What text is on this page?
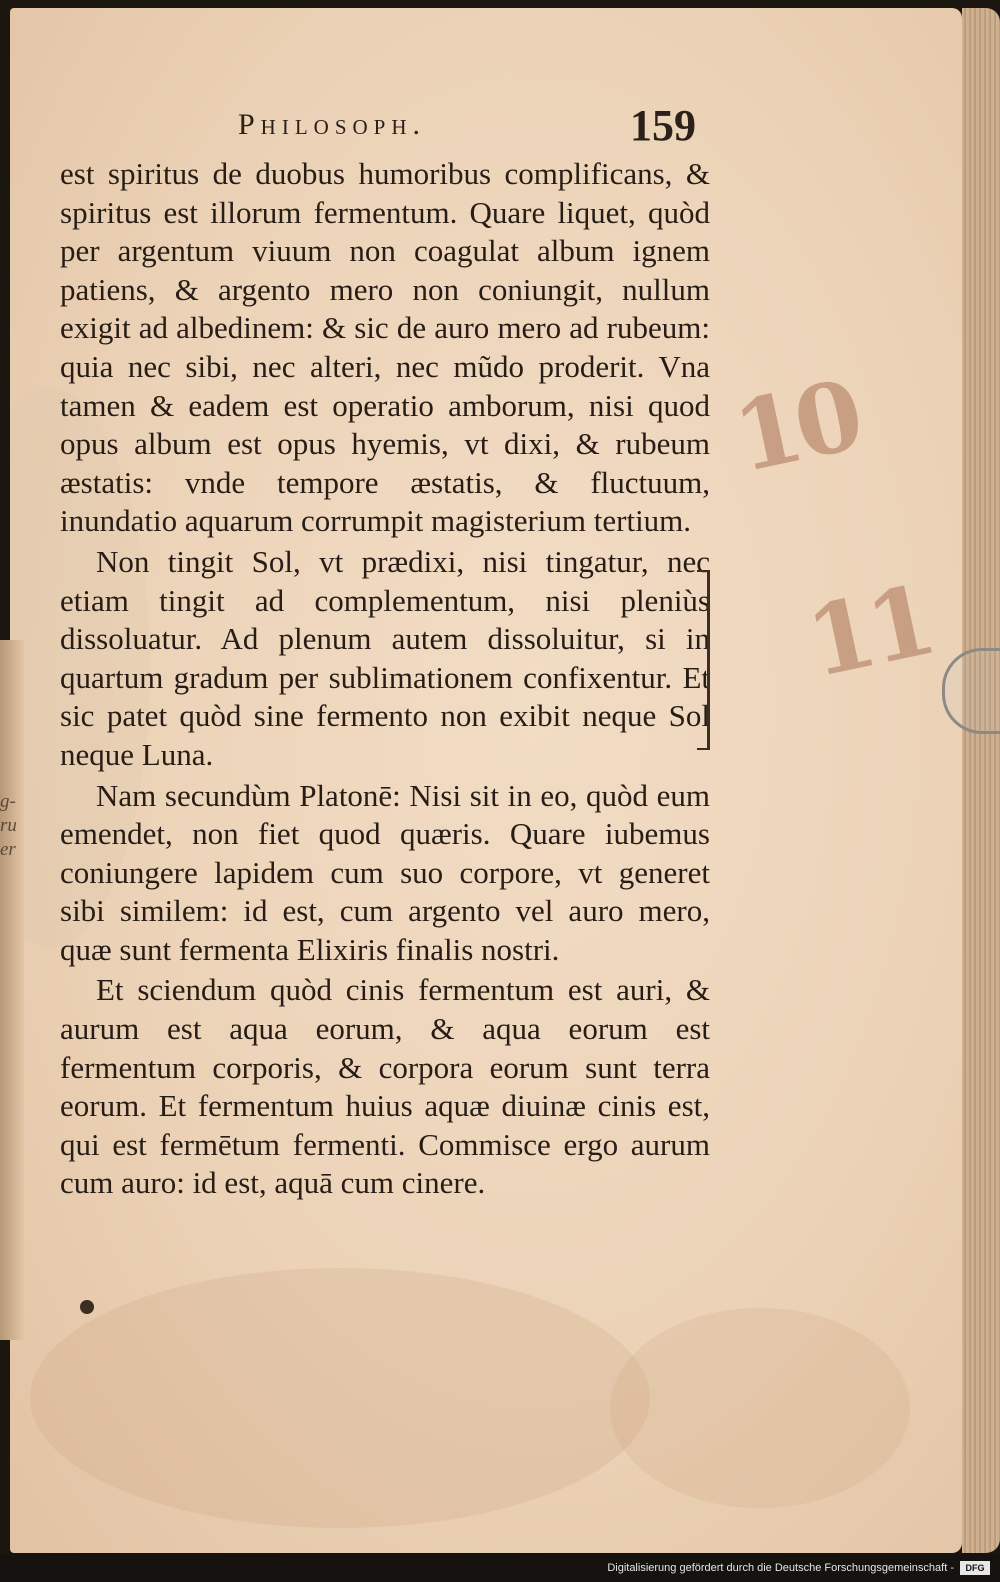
g-
ru
er
Philosoph.	159

est spiritus de duobus humoribus complificans, & spiritus est illorum fermentum. Quare liquet, quòd per argentum viuum non coagulat album ignem patiens, & argento mero non coniungit, nullum exigit ad albedinem: & sic de auro mero ad rubeum: quia nec sibi, nec alteri, nec mũdo proderit. Vna tamen & eadem est operatio amborum, nisi quod opus album est opus hyemis, vt dixi, & rubeum æstatis: vnde tempore æstatis, & fluctuum, inundatio aquarum corrumpit magisterium tertium.

Non tingit Sol, vt prædixi, nisi tingatur, nec etiam tingit ad complementum, nisi pleniùs dissoluatur. Ad plenum autem dissoluitur, si in quartum gradum per sublimationem confixentur. Et sic patet quòd sine fermento non exibit neque Sol neque Luna.

Nam secundùm Platonē: Nisi sit in eo, quòd eum emendet, non fiet quod quæris. Quare iubemus coniungere lapidem cum suo corpore, vt generet sibi similem: id est, cum argento vel auro mero, quæ sunt fermenta Elixiris finalis nostri.

Et sciendum quòd cinis fermentum est auri, & aurum est aqua eorum, & aqua eorum est fermentum corporis, & corpora eorum sunt terra eorum. Et fermentum huius aquæ diuinæ cinis est, qui est fermētum fermenti. Commisce ergo aurum cum auro: id est, aquā cum cinere.

10
11
Digitalisierung gefördert durch die Deutsche Forschungsgemeinschaft -	DFG
